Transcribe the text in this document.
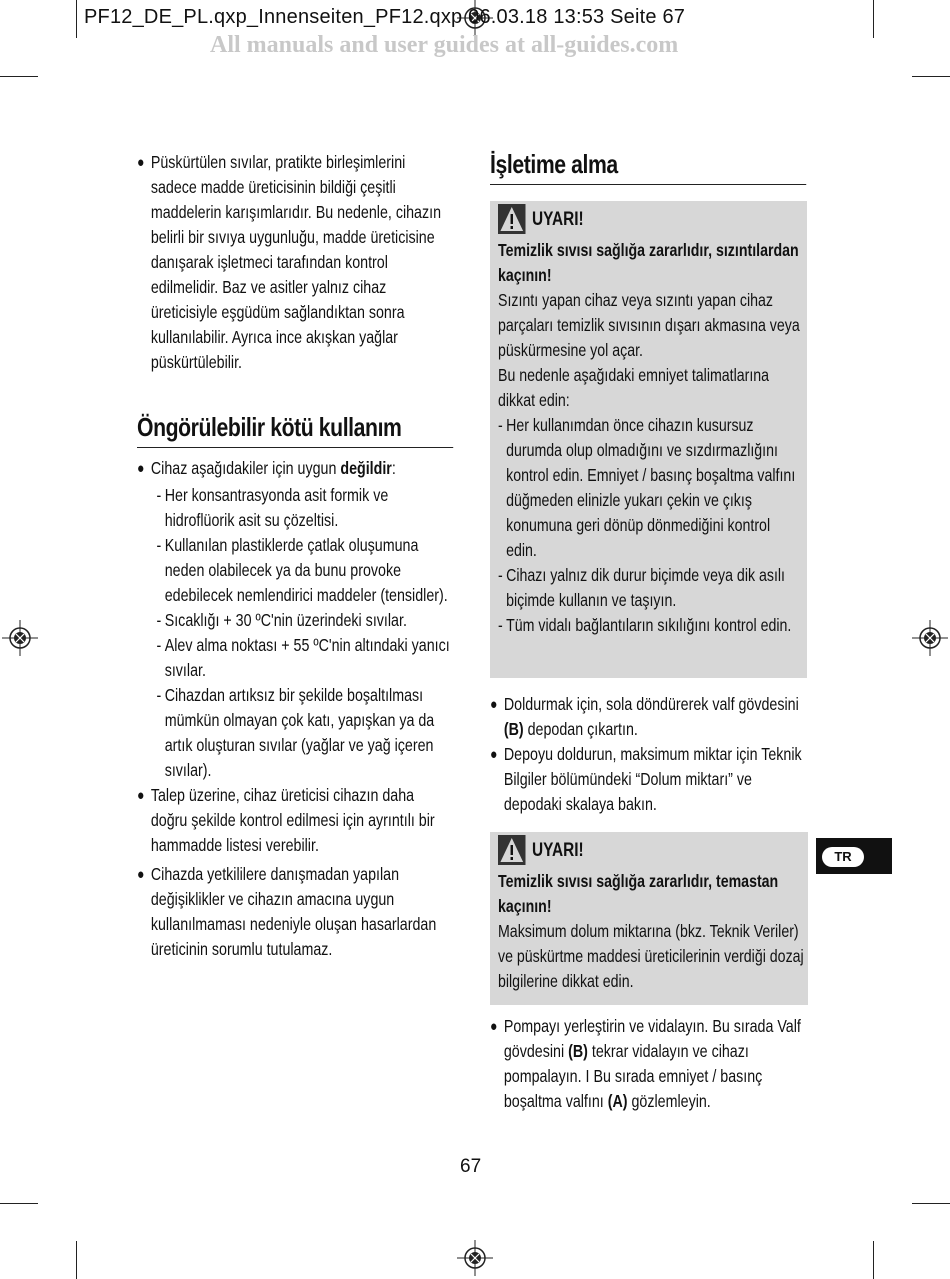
PF12_DE_PL.qxp_Innenseiten_PF12.qxp 06.03.18 13:53 Seite 67
All manuals and user guides at all-guides.com

● Püskürtülen sıvılar, pratikte birleşimlerini sadece madde üreticisinin bildiği çeşitli maddelerin karışımlarıdır. Bu nedenle, cihazın belirli bir sıvıya uygunluğu, madde üreticisine danışarak işletmeci tarafından kontrol edilmelidir. Baz ve asitler yalnız cihaz üreticisiyle eşgüdüm sağlandıktan sonra kullanılabilir. Ayrıca ince akışkan yağlar püskürtülebilir.

Öngörülebilir kötü kullanım

● Cihaz aşağıdakiler için uygun değildir:

- Her konsantrasyonda asit formik ve hidroflüorik asit su çözeltisi.

- Kullanılan plastiklerde çatlak oluşumuna neden olabilecek ya da bunu provoke edebilecek nemlendirici maddeler (tensidler).

- Sıcaklığı + 30 ºC'nin üzerindeki sıvılar.

- Alev alma noktası + 55 ºC'nin altındaki yanıcı sıvılar.

- Cihazdan artıksız bir şekilde boşaltılması mümkün olmayan çok katı, yapışkan ya da artık oluşturan sıvılar (yağlar ve yağ içeren sıvılar).

● Talep üzerine, cihaz üreticisi cihazın daha doğru şekilde kontrol edilmesi için ayrıntılı bir hammadde listesi verebilir.

● Cihazda yetkililere danışmadan yapılan değişiklikler ve cihazın amacına uygun kullanılmaması nedeniyle oluşan hasarlardan üreticinin sorumlu tutulamaz.

İşletime alma
UYARI!

Temizlik sıvısı sağlığa zararlıdır, sızıntılardan kaçının!

Sızıntı yapan cihaz veya sızıntı yapan cihaz parçaları temizlik sıvısının dışarı akmasına veya püskürmesine yol açar.

Bu nedenle aşağıdaki emniyet talimatlarına dikkat edin:

- Her kullanımdan önce cihazın kusursuz durumda olup olmadığını ve sızdırmazlığını kontrol edin. Emniyet / basınç boşaltma valfını düğmeden elinizle yukarı çekin ve çıkış konumuna geri dönüp dönmediğini kontrol edin.

- Cihazı yalnız dik durur biçimde veya dik asılı biçimde kullanın ve taşıyın.

- Tüm vidalı bağlantıların sıkılığını kontrol edin.

● Doldurmak için, sola döndürerek valf gövdesini (B) depodan çıkartın.

● Depoyu doldurun, maksimum miktar için Teknik Bilgiler bölümündeki “Dolum miktarı” ve depodaki skalaya bakın.

UYARI!

Temizlik sıvısı sağlığa zararlıdır, temastan kaçının!

Maksimum dolum miktarına (bkz. Teknik Veriler) ve püskürtme maddesi üreticilerinin verdiği dozaj bilgilerine dikkat edin.

● Pompayı yerleştirin ve vidalayın. Bu sırada Valf gövdesini (B) tekrar vidalayın ve cihazı pompalayın. I Bu sırada emniyet / basınç boşaltma valfını (A) gözlemleyin.

TR
67
